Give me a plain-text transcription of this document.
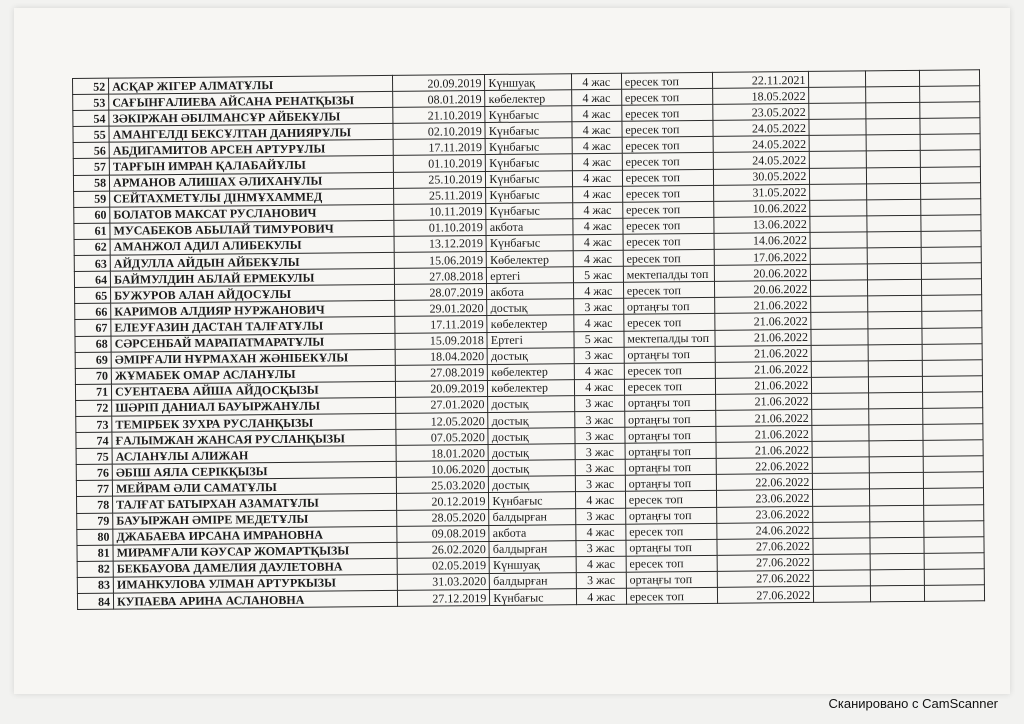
52	АСҚАР ЖІГЕР АЛМАТҰЛЫ	20.09.2019	Күншуақ	4 жас	ересек топ	22.11.2021			
53	САҒЫНҒАЛИЕВА АЙСАНА РЕНАТҚЫЗЫ	08.01.2019	көбелектер	4 жас	ересек топ	18.05.2022			
54	ЗӘКІРЖАН ӘБІЛМАНСҰР АЙБЕКҰЛЫ	21.10.2019	Күнбағыс	4 жас	ересек топ	23.05.2022			
55	АМАНГЕЛДІ БЕКСҰЛТАН ДАНИЯРҰЛЫ	02.10.2019	Күнбағыс	4 жас	ересек топ	24.05.2022			
56	АБДИГАМИТОВ АРСЕН АРТУРҰЛЫ	17.11.2019	Күнбағыс	4 жас	ересек топ	24.05.2022			
57	ТАРҒЫН ИМРАН ҚАЛАБАЙҰЛЫ	01.10.2019	Күнбағыс	4 жас	ересек топ	24.05.2022			
58	АРМАНОВ АЛИШАХ ӘЛИХАНҰЛЫ	25.10.2019	Күнбағыс	4 жас	ересек топ	30.05.2022			
59	СЕЙТАХМЕТҰЛЫ ДІНМҰХАММЕД	25.11.2019	Күнбағыс	4 жас	ересек топ	31.05.2022			
60	БОЛАТОВ МАКСАТ РУСЛАНОВИЧ	10.11.2019	Күнбағыс	4 жас	ересек топ	10.06.2022			
61	МУСАБЕКОВ АБЫЛАЙ ТИМУРОВИЧ	01.10.2019	акбота	4 жас	ересек топ	13.06.2022			
62	АМАНЖОЛ АДИЛ АЛИБЕКУЛЫ	13.12.2019	Күнбағыс	4 жас	ересек топ	14.06.2022			
63	АЙДУЛЛА АЙДЫН АЙБЕКҰЛЫ	15.06.2019	Көбелектер	4 жас	ересек топ	17.06.2022			
64	БАЙМУЛДИН АБЛАЙ ЕРМЕКУЛЫ	27.08.2018	ертегі	5 жас	мектепалды топ	20.06.2022			
65	БУЖУРОВ АЛАН АЙДОСҰЛЫ	28.07.2019	акбота	4 жас	ересек топ	20.06.2022			
66	КАРИМОВ АЛДИЯР НУРЖАНОВИЧ	29.01.2020	достық	3 жас	ортаңғы топ	21.06.2022			
67	ЕЛЕУҒАЗИН ДАСТАН ТАЛҒАТҰЛЫ	17.11.2019	көбелектер	4 жас	ересек топ	21.06.2022			
68	СӘРСЕНБАЙ МАРАПАТМАРАТҰЛЫ	15.09.2018	Ертегі	5 жас	мектепалды топ	21.06.2022			
69	ӘМІРҒАЛИ НҰРМАХАН ЖӘНІБЕКҰЛЫ	18.04.2020	достық	3 жас	ортаңғы топ	21.06.2022			
70	ЖҰМАБЕК ОМАР АСЛАНҰЛЫ	27.08.2019	көбелектер	4 жас	ересек топ	21.06.2022			
71	СУЕНТАЕВА АЙША АЙДОСҚЫЗЫ	20.09.2019	көбелектер	4 жас	ересек топ	21.06.2022			
72	ШӘРІП ДАНИАЛ БАУЫРЖАНҰЛЫ	27.01.2020	достық	3 жас	ортаңғы топ	21.06.2022			
73	ТЕМІРБЕК ЗУХРА РУСЛАНҚЫЗЫ	12.05.2020	достық	3 жас	ортаңғы топ	21.06.2022			
74	ҒАЛЫМЖАН ЖАНСАЯ РУСЛАНҚЫЗЫ	07.05.2020	достық	3 жас	ортаңғы топ	21.06.2022			
75	АСЛАНҰЛЫ АЛИЖАН	18.01.2020	достық	3 жас	ортаңғы топ	21.06.2022			
76	ӘБІШ АЯЛА СЕРІКҚЫЗЫ	10.06.2020	достық	3 жас	ортаңғы топ	22.06.2022			
77	МЕЙРАМ ӘЛИ САМАТҰЛЫ	25.03.2020	достық	3 жас	ортаңғы топ	22.06.2022			
78	ТАЛҒАТ БАТЫРХАН АЗАМАТҰЛЫ	20.12.2019	Күнбағыс	4 жас	ересек топ	23.06.2022			
79	БАУЫРЖАН ӘМІРЕ МЕДЕТҰЛЫ	28.05.2020	балдырған	3 жас	ортаңғы топ	23.06.2022			
80	ДЖАБАЕВА ИРСАНА ИМРАНОВНА	09.08.2019	акбота	4 жас	ересек топ	24.06.2022			
81	МИРАМҒАЛИ КӘУСАР ЖОМАРТҚЫЗЫ	26.02.2020	балдырған	3 жас	ортаңғы топ	27.06.2022			
82	БЕКБАУОВА ДАМЕЛИЯ ДАУЛЕТОВНА	02.05.2019	Күншуақ	4 жас	ересек топ	27.06.2022			
83	ИМАНКУЛОВА УЛМАН АРТУРКЫЗЫ	31.03.2020	балдырған	3 жас	ортаңғы топ	27.06.2022			
84	КУПАЕВА АРИНА АСЛАНОВНА	27.12.2019	Күнбағыс	4 жас	ересек топ	27.06.2022			
Сканировано с CamScanner
